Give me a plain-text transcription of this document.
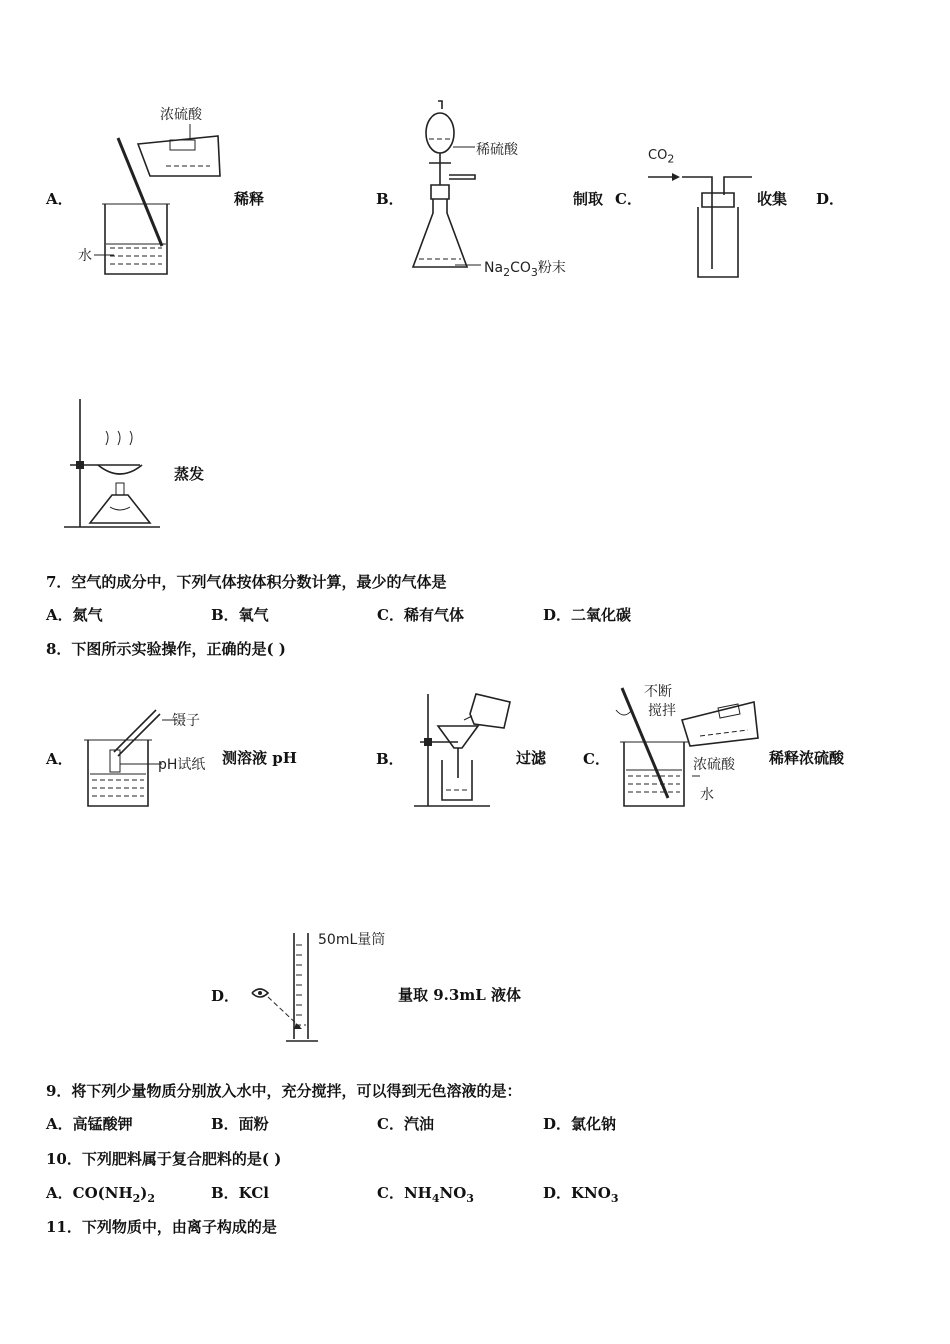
A．
浓硫酸
水
稀释	B．
稀硫酸
$Na_2CO_3$粉末
制取 C．
$CO_2$
收集 D．
蒸发
7．空气的成分中，下列气体按体积分数计算，最少的气体是
A．氮气	B．氧气	C．稀有气体	D．二氧化碳
8．下图所示实验操作，正确的是( )
A．
镊子
pH试纸 测溶液 pH	B．	过滤 C．
不断
搅拌
浓硫酸
水
稀释浓硫酸
D．
50mL量筒
量取 9.3mL 液体
9．将下列少量物质分别放入水中，充分搅拌，可以得到无色溶液的是：
A．高锰酸钾	B．面粉	C．汽油	D．氯化钠
10．下列肥料属于复合肥料的是( )
A．$CO(NH_2)_2$	B．KCl	C．$NH_4NO_3$	D．$KNO_3$
11．下列物质中，由离子构成的是
